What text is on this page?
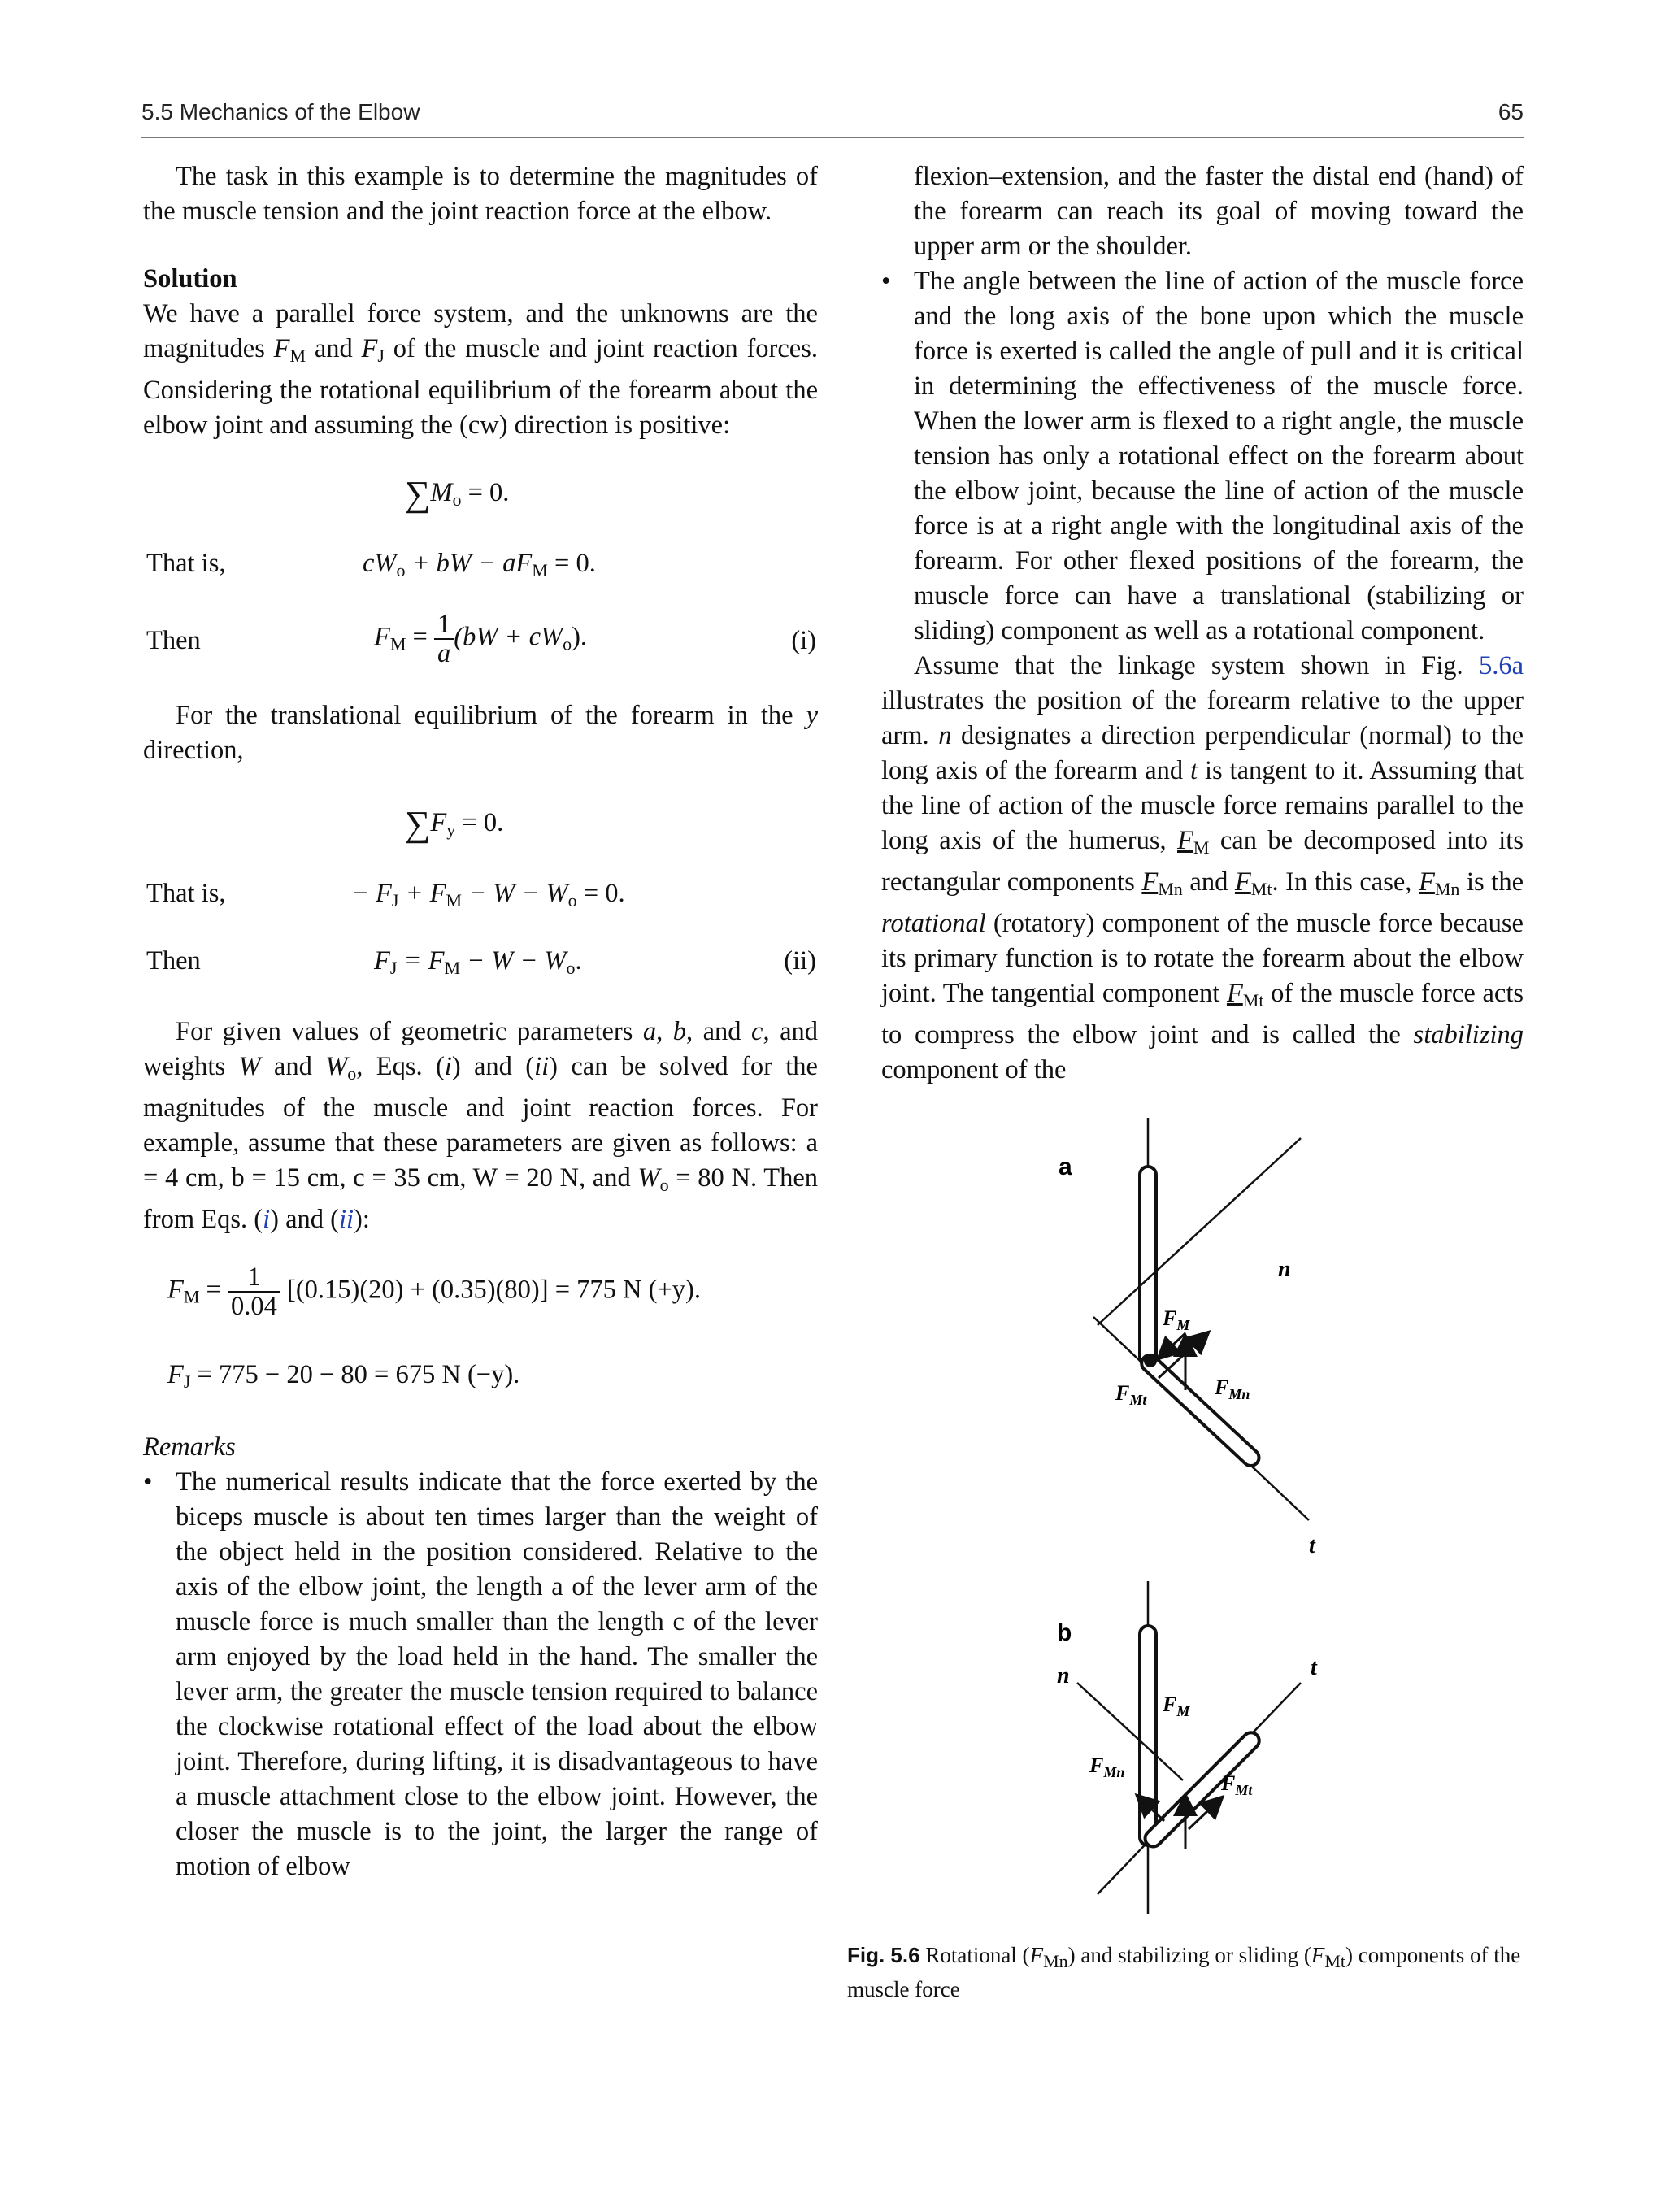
5.5 Mechanics of the Elbow	65

The task in this example is to determine the magnitudes of the muscle tension and the joint reaction force at the elbow.

Solution

We have a parallel force system, and the unknowns are the magnitudes $F_M$ and $F_J$ of the muscle and joint reaction forces. Considering the rotational equilibrium of the forearm about the elbow joint and assuming the (cw) direction is positive:

$\sum M_o = 0$.
That is,	$cW_o$ + bW − $aF_M = 0$.
Then	$F_M = \frac{1}{a} (bW + cW_o)$.	(i)

For the translational equilibrium of the forearm in the y direction,

$\sum F_y = 0$.
That is,	− $F_J + F_M - W - W_o = 0$.
Then	$F_J = F_M - W - W_o$.	(ii)

For given values of geometric parameters a, b, and c, and weights W and $W_o$, Eqs. (i) and (ii) can be solved for the magnitudes of the muscle and joint reaction forces. For example, assume that these parameters are given as follows: a = 4 cm, b = 15 cm, c = 35 cm, W = 20 N, and $W_o = 80$ N. Then from Eqs. (i) and (ii):

$F_M = \frac{1}{0.04} [(0.15)(20) + (0.35)(80)] = 775$ N (+y).
$F_J = 775 - 20 - 80 = 675$ N (−y).

Remarks

• The numerical results indicate that the force exerted by the biceps muscle is about ten times larger than the weight of the object held in the position considered. Relative to the axis of the elbow joint, the length a of the lever arm of the muscle force is much smaller than the length c of the lever arm enjoyed by the load held in the hand. The smaller the lever arm, the greater the muscle tension required to balance the clockwise rotational effect of the load about the elbow joint. Therefore, during lifting, it is disadvantageous to have a muscle attachment close to the elbow joint. However, the closer the muscle is to the joint, the larger the range of motion of elbow
flexion–extension, and the faster the distal end (hand) of the forearm can reach its goal of moving toward the upper arm or the shoulder.
• The angle between the line of action of the muscle force and the long axis of the bone upon which the muscle force is exerted is called the angle of pull and it is critical in determining the effectiveness of the muscle force. When the lower arm is flexed to a right angle, the muscle tension has only a rotational effect on the forearm about the elbow joint, because the line of action of the muscle force is at a right angle with the longitudinal axis of the forearm. For other flexed positions of the forearm, the muscle force can have a translational (stabilizing or sliding) component as well as a rotational component.

Assume that the linkage system shown in Fig. 5.6a illustrates the position of the forearm relative to the upper arm. n designates a direction perpendicular (normal) to the long axis of the forearm and t is tangent to it. Assuming that the line of action of the muscle force remains parallel to the long axis of the humerus, $F_M$ can be decomposed into its rectangular components $F_{Mn}$ and $F_{Mt}$. In this case, $F_{Mn}$ is the rotational (rotatory) component of the muscle force because its primary function is to rotate the forearm about the elbow joint. The tangential component $F_{Mt}$ of the muscle force acts to compress the elbow joint and is called the stabilizing component of the

a
n
t
$F_M$
$F_{Mn}$
$F_{Mt}$
b
n	t
$F_M$
$F_{Mn}$	$F_{Mt}$
Fig. 5.6 Rotational $(F_{Mn})$ and stabilizing or sliding $(F_{Mt})$ components of the muscle force
